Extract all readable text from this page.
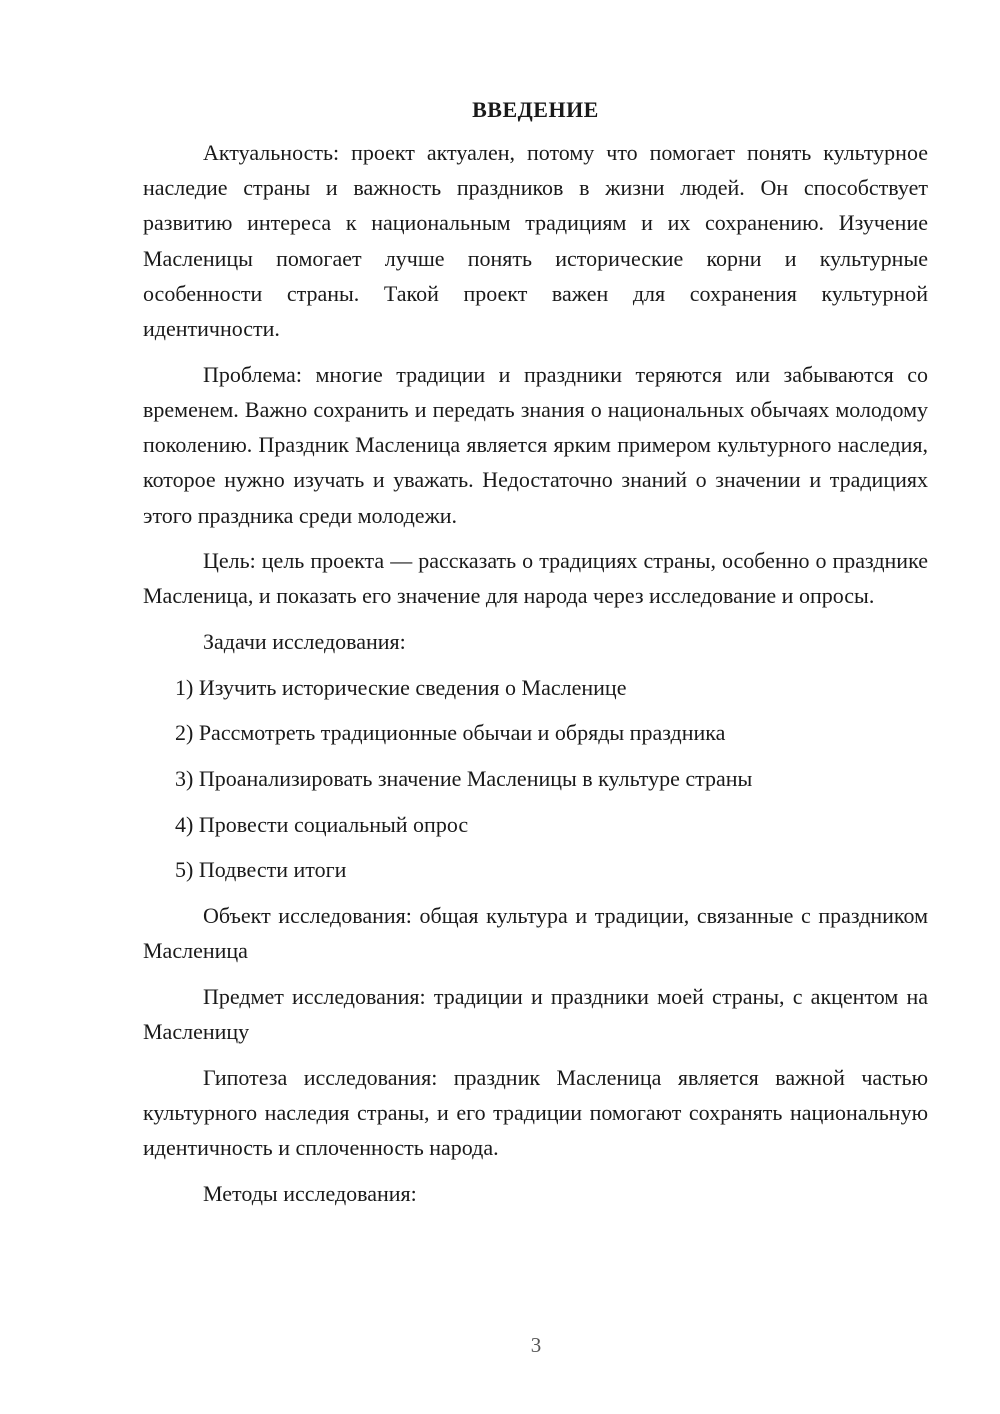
ВВЕДЕНИЕ

Актуальность: проект актуален, потому что помогает понять культурное наследие страны и важность праздников в жизни людей. Он способствует развитию интереса к национальным традициям и их сохранению. Изучение Масленицы помогает лучше понять исторические корни и культурные особенности страны. Такой проект важен для сохранения культурной идентичности.

Проблема: многие традиции и праздники теряются или забываются со временем. Важно сохранить и передать знания о национальных обычаях молодому поколению. Праздник Масленица является ярким примером культурного наследия, которое нужно изучать и уважать. Недостаточно знаний о значении и традициях этого праздника среди молодежи.

Цель: цель проекта — рассказать о традициях страны, особенно о празднике Масленица, и показать его значение для народа через исследование и опросы.

Задачи исследования:

1) Изучить исторические сведения о Масленице
2) Рассмотреть традиционные обычаи и обряды праздника
3) Проанализировать значение Масленицы в культуре страны
4) Провести социальный опрос
5) Подвести итоги

Объект исследования: общая культура и традиции, связанные с праздником Масленица

Предмет исследования: традиции и праздники моей страны, с акцентом на Масленицу

Гипотеза исследования: праздник Масленица является важной частью культурного наследия страны, и его традиции помогают сохранять национальную идентичность и сплоченность народа.

Методы исследования:

3
